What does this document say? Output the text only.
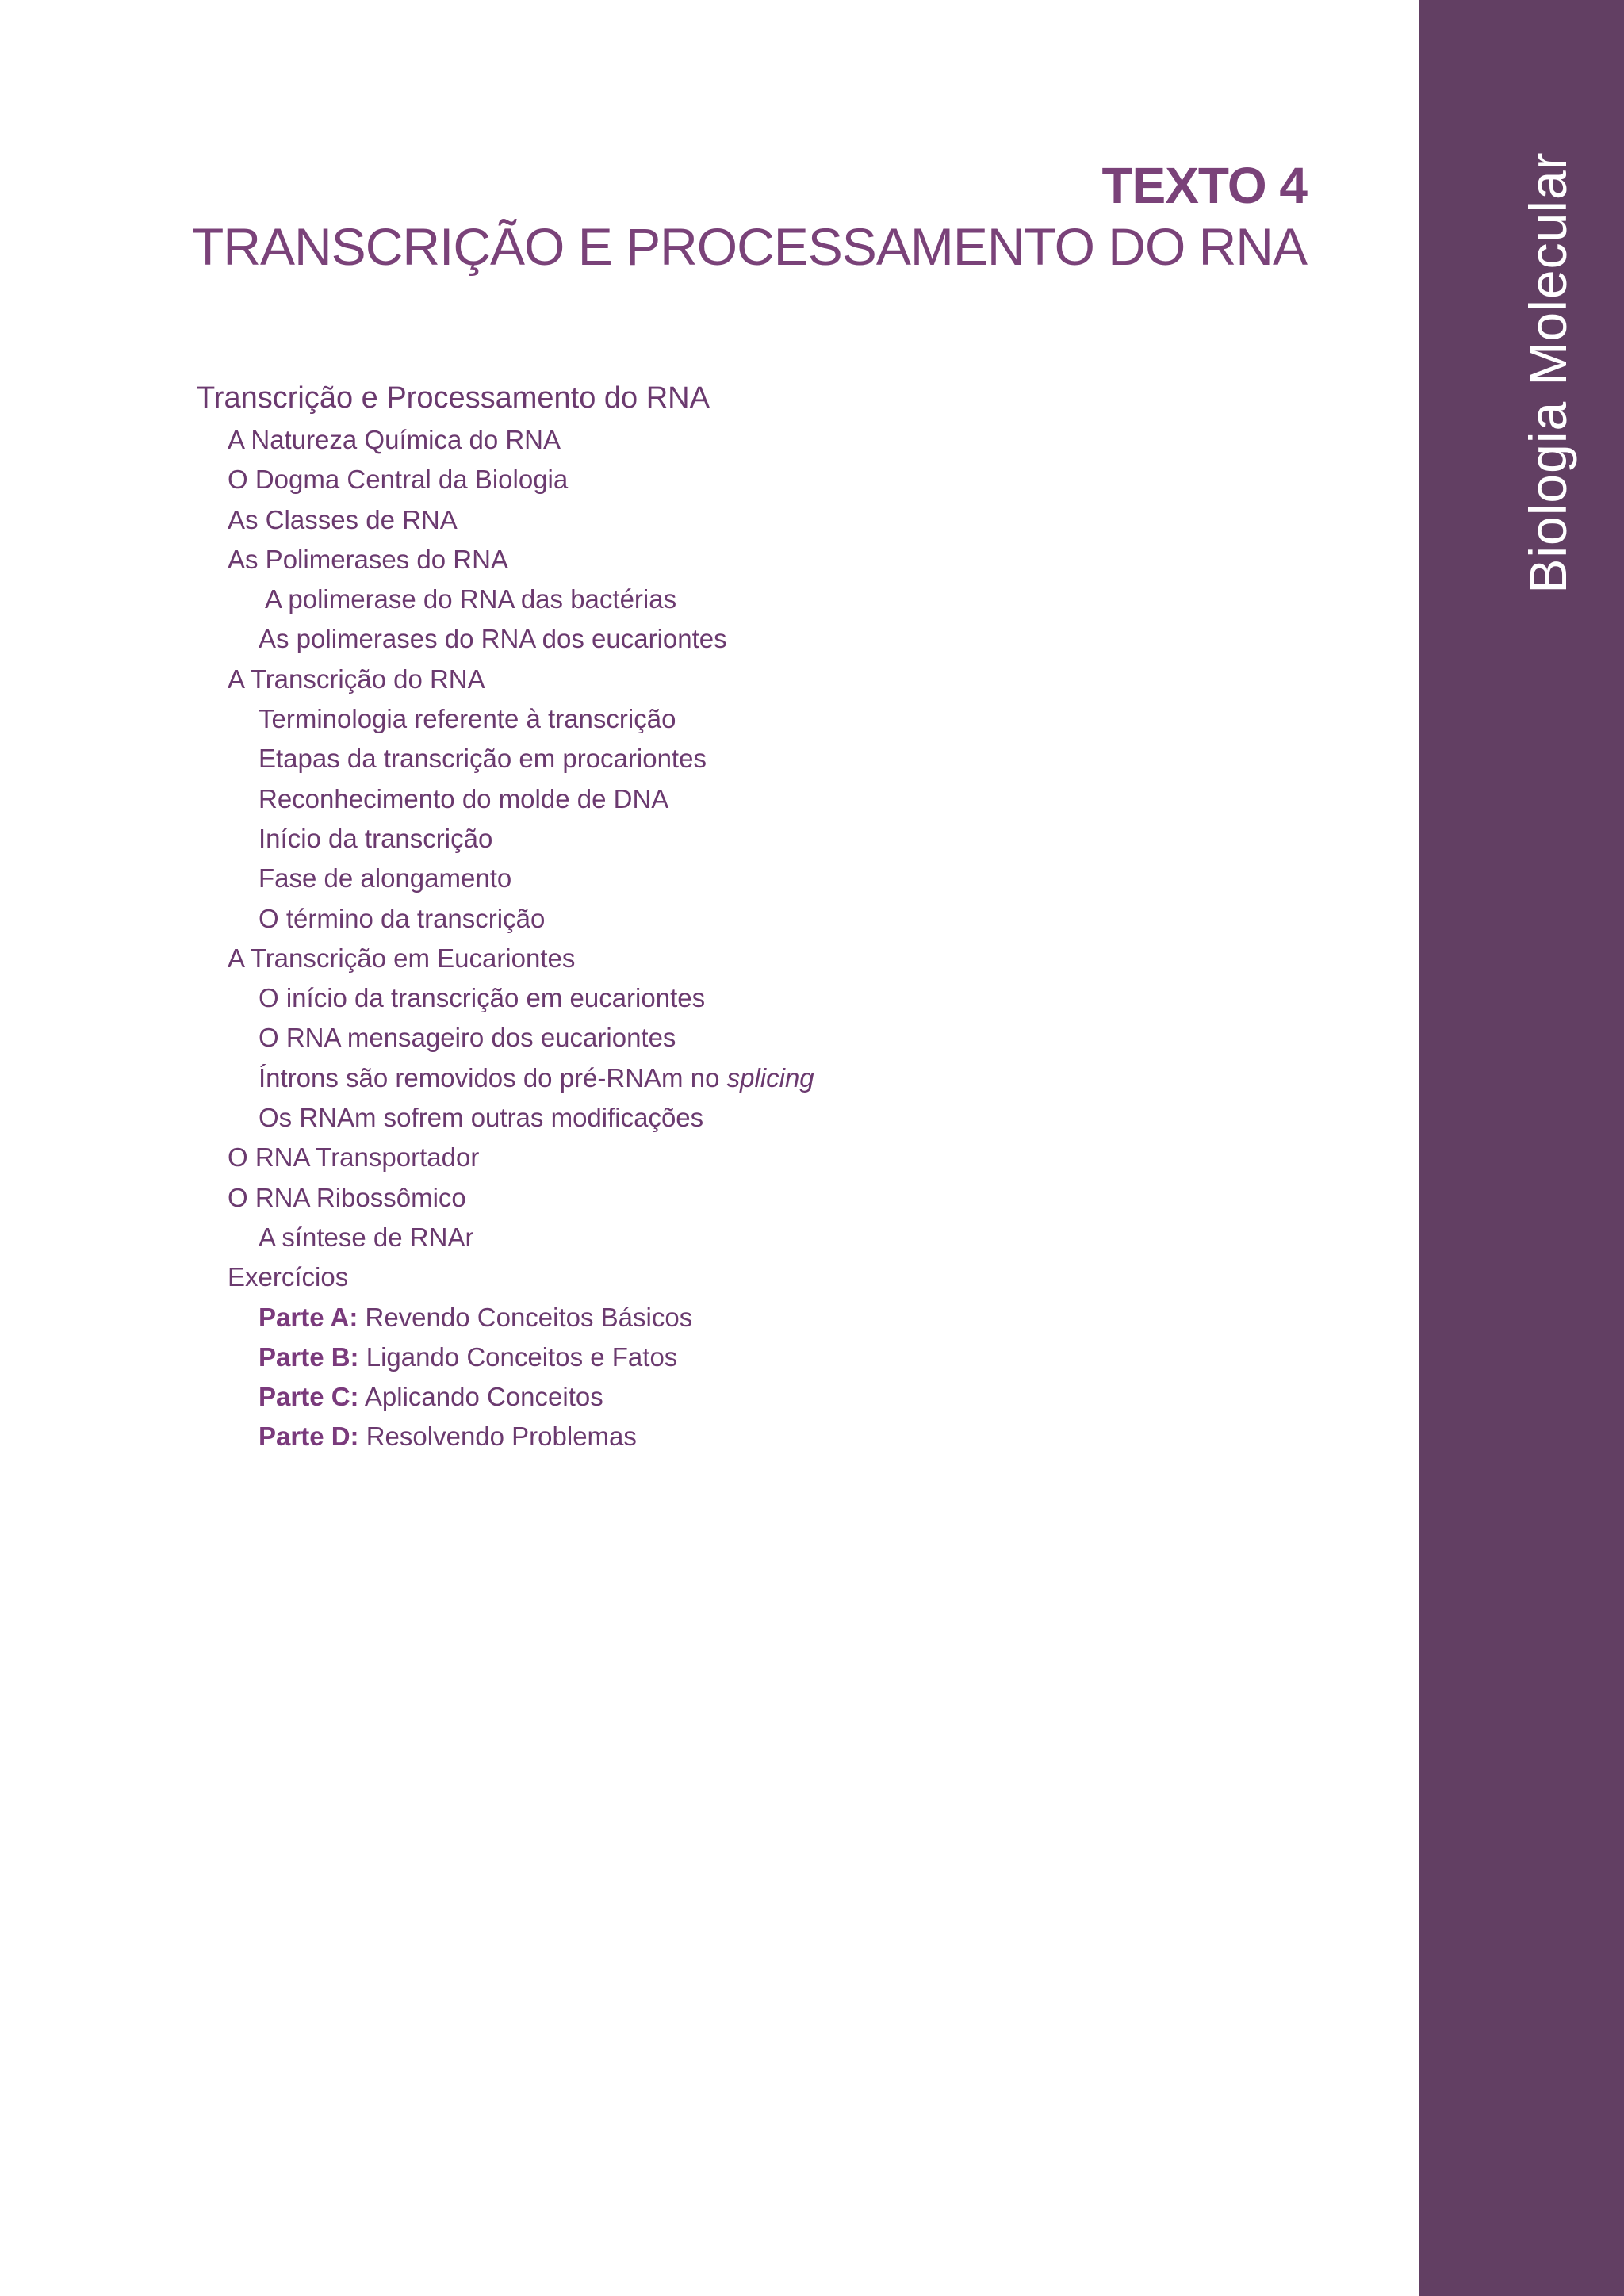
Biologia Molecular
TEXTO 4
TRANSCRIÇÃO E PROCESSAMENTO DO RNA
Transcrição e Processamento do RNA
A Natureza Química do RNA
O Dogma Central da Biologia
As Classes de RNA
As Polimerases do RNA
A polimerase do RNA das bactérias
As polimerases do RNA dos eucariontes
A Transcrição do RNA
Terminologia referente à transcrição
Etapas da transcrição em procariontes
Reconhecimento do molde de DNA
Início da transcrição
Fase de alongamento
O término da transcrição
A Transcrição em Eucariontes
O início da transcrição em eucariontes
O RNA mensageiro dos eucariontes
Íntrons são removidos do pré-RNAm no splicing
Os RNAm sofrem outras modificações
O RNA Transportador
O RNA Ribossômico
A síntese de RNAr
Exercícios
Parte A: Revendo Conceitos Básicos
Parte B: Ligando Conceitos e Fatos
Parte C: Aplicando Conceitos
Parte D: Resolvendo Problemas
